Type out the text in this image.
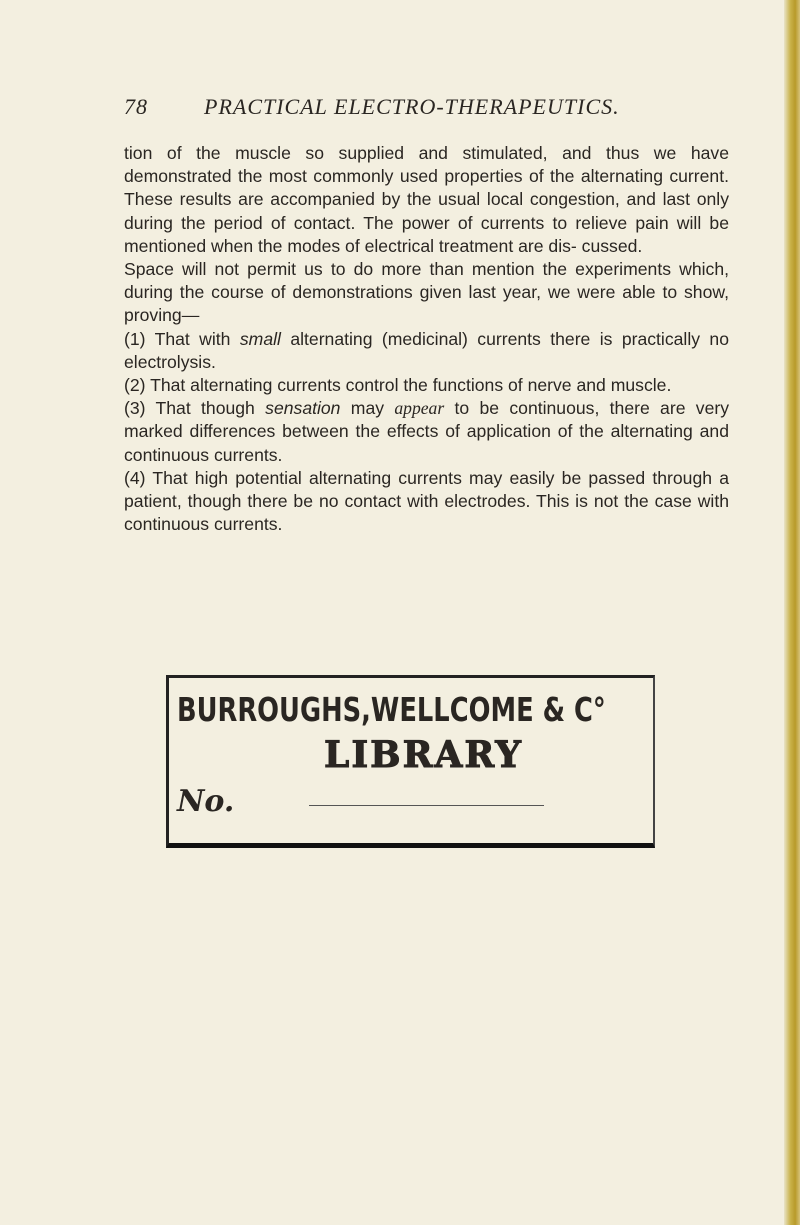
78	PRACTICAL ELECTRO-THERAPEUTICS.

tion of the muscle so supplied and stimulated, and thus we have demonstrated the most commonly used properties of the alternating current. These results are accompanied by the usual local congestion, and last only during the period of contact. The power of currents to relieve pain will be mentioned when the modes of electrical treatment are dis- cussed.

Space will not permit us to do more than mention the experiments which, during the course of demonstrations given last year, we were able to show, proving—

(1) That with small alternating (medicinal) currents there is practically no electrolysis.

(2) That alternating currents control the functions of nerve and muscle.

(3) That though sensation may appear to be continuous, there are very marked differences between the effects of application of the alternating and continuous currents.

(4) That high potential alternating currents may easily be passed through a patient, though there be no contact with electrodes. This is not the case with continuous currents.

BURROUGHS,WELLCOME & C°
LIBRARY
No.
